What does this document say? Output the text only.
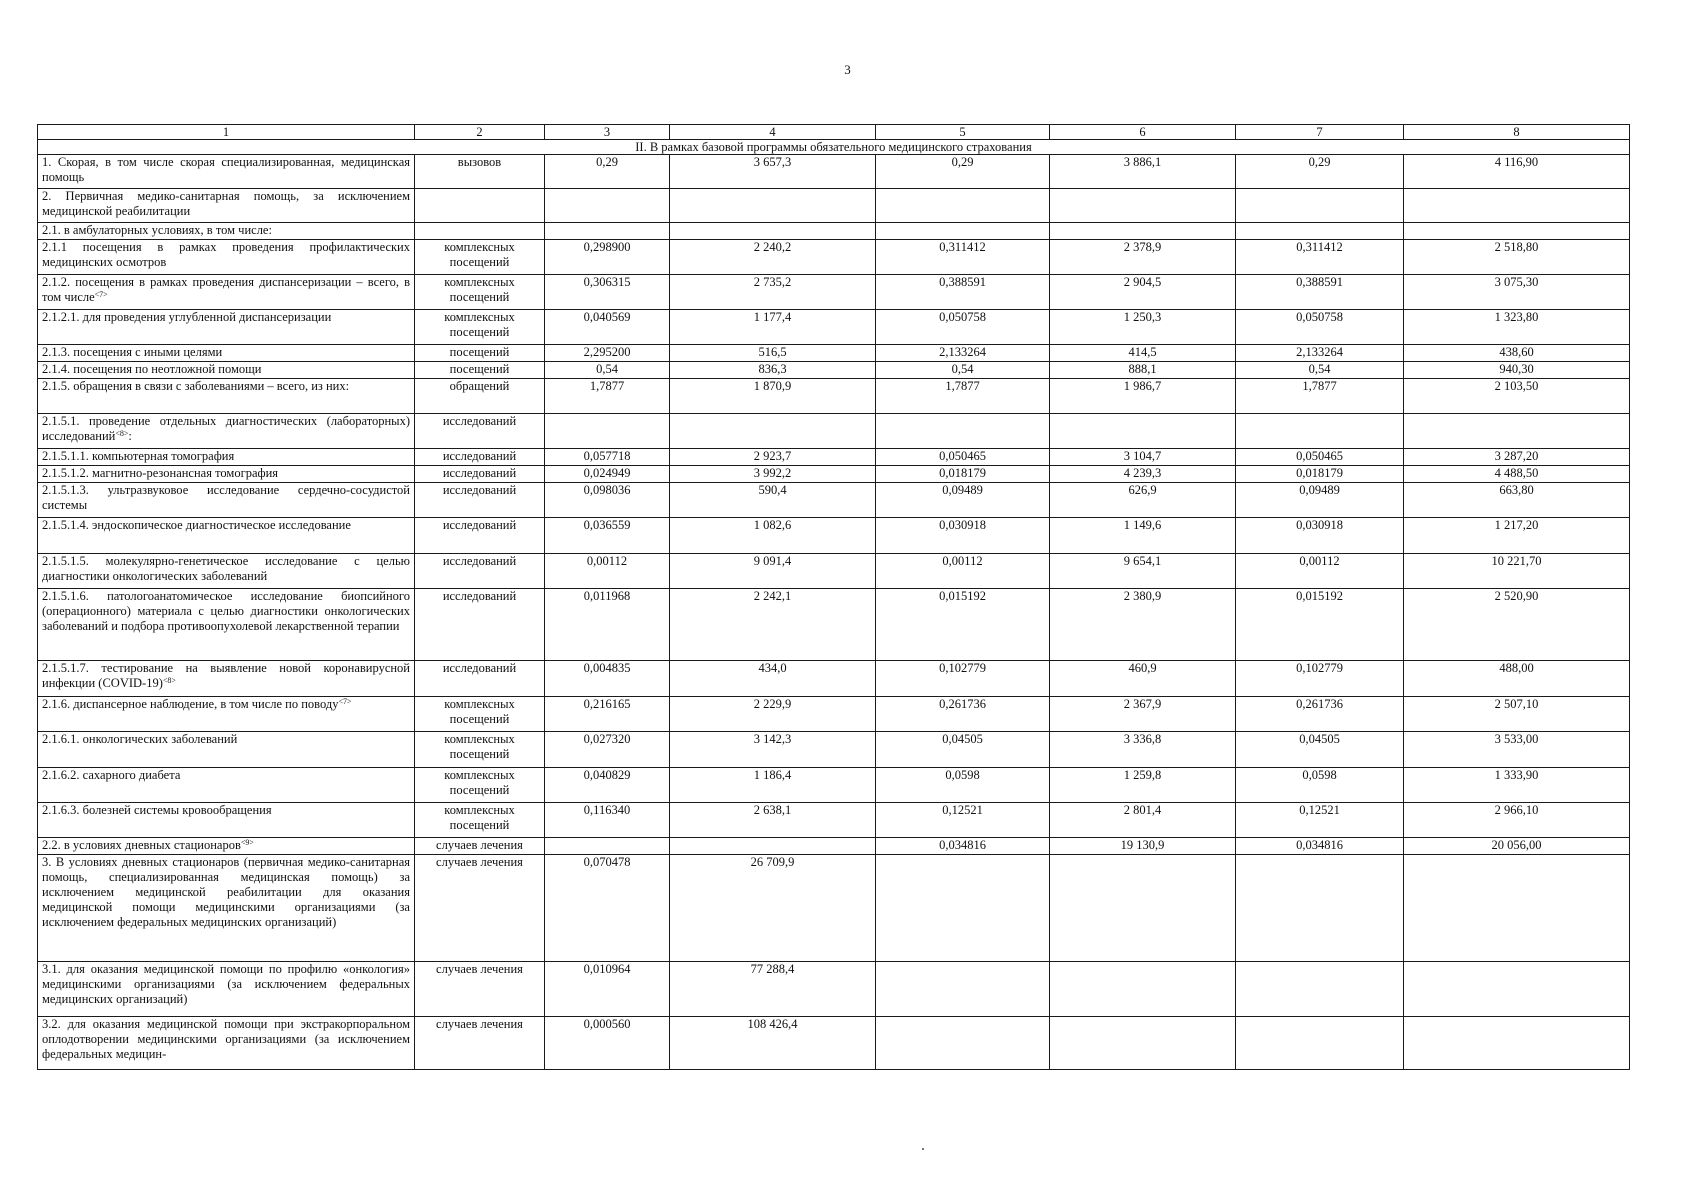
3
1	2	3	4	5	6	7	8
II. В рамках базовой программы обязательного медицинского страхования							
1. Скорая, в том числе скорая специализированная, медицинская помощь	вызовов	0,29	3 657,3	0,29	3 886,1	0,29	4 116,90
2. Первичная медико-санитарная помощь, за исключением медицинской реабилитации							
2.1. в амбулаторных условиях, в том числе:							
2.1.1 посещения в рамках проведения профилактических медицинских осмотров	комплексных посещений	0,298900	2 240,2	0,311412	2 378,9	0,311412	2 518,80
2.1.2. посещения в рамках проведения диспансеризации – всего, в том числе$^{<7>}$	комплексных посещений	0,306315	2 735,2	0,388591	2 904,5	0,388591	3 075,30
2.1.2.1. для проведения углубленной диспансеризации	комплексных посещений	0,040569	1 177,4	0,050758	1 250,3	0,050758	1 323,80
2.1.3. посещения с иными целями	посещений	2,295200	516,5	2,133264	414,5	2,133264	438,60
2.1.4. посещения по неотложной помощи	посещений	0,54	836,3	0,54	888,1	0,54	940,30
2.1.5. обращения в связи с заболеваниями – всего, из них:	обращений	1,7877	1 870,9	1,7877	1 986,7	1,7877	2 103,50
2.1.5.1. проведение отдельных диагностических (лабораторных) исследований$^{<8>}$:	исследований						
2.1.5.1.1. компьютерная томография	исследований	0,057718	2 923,7	0,050465	3 104,7	0,050465	3 287,20
2.1.5.1.2. магнитно-резонансная томография	исследований	0,024949	3 992,2	0,018179	4 239,3	0,018179	4 488,50
2.1.5.1.3. ультразвуковое исследование сердечно-сосудистой системы	исследований	0,098036	590,4	0,09489	626,9	0,09489	663,80
2.1.5.1.4. эндоскопическое диагностическое исследование	исследований	0,036559	1 082,6	0,030918	1 149,6	0,030918	1 217,20
2.1.5.1.5. молекулярно-генетическое исследование с целью диагностики онкологических заболеваний	исследований	0,00112	9 091,4	0,00112	9 654,1	0,00112	10 221,70
2.1.5.1.6. патологоанатомическое исследование биопсийного (операционного) материала с целью диагностики онкологических заболеваний и подбора противоопухолевой лекарственной терапии	исследований	0,011968	2 242,1	0,015192	2 380,9	0,015192	2 520,90
2.1.5.1.7. тестирование на выявление новой коронавирусной инфекции (COVID-19)$^{<8>}$	исследований	0,004835	434,0	0,102779	460,9	0,102779	488,00
2.1.6. диспансерное наблюдение, в том числе по поводу$^{<7>}$	комплексных посещений	0,216165	2 229,9	0,261736	2 367,9	0,261736	2 507,10
2.1.6.1. онкологических заболеваний	комплексных посещений	0,027320	3 142,3	0,04505	3 336,8	0,04505	3 533,00
2.1.6.2. сахарного диабета	комплексных посещений	0,040829	1 186,4	0,0598	1 259,8	0,0598	1 333,90
2.1.6.3. болезней системы кровообращения	комплексных посещений	0,116340	2 638,1	0,12521	2 801,4	0,12521	2 966,10
2.2. в условиях дневных стационаров$^{<9>}$	случаев лечения			0,034816	19 130,9	0,034816	20 056,00
3. В условиях дневных стационаров (первичная медико-санитарная помощь, специализированная медицинская помощь) за исключением медицинской реабилитации для оказания медицинской помощи медицинскими организациями (за исключением федеральных медицинских организаций)	случаев лечения	0,070478	26 709,9				
3.1. для оказания медицинской помощи по профилю «онкология» медицинскими организациями (за исключением федеральных медицинских организаций)	случаев лечения	0,010964	77 288,4				
3.2. для оказания медицинской помощи при экстракорпоральном оплодотворении медицинскими организациями (за исключением федеральных медицин-	случаев лечения	0,000560	108 426,4				
